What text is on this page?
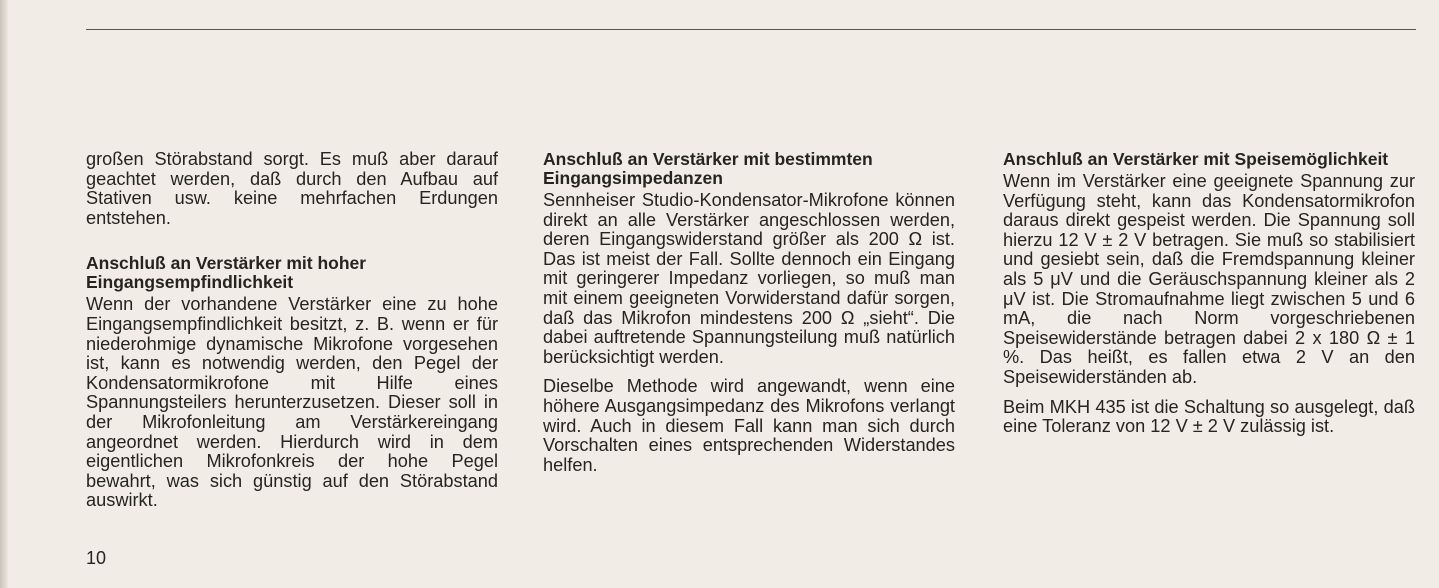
großen Störabstand sorgt. Es muß aber darauf geachtet werden, daß durch den Aufbau auf Stativen usw. keine mehrfachen Erdungen entstehen.

Anschluß an Verstärker mit hoher Eingangsempfindlichkeit

Wenn der vorhandene Verstärker eine zu hohe Eingangsempfindlichkeit besitzt, z. B. wenn er für niederohmige dynamische Mikrofone vorgesehen ist, kann es notwendig werden, den Pegel der Kondensatormikrofone mit Hilfe eines Spannungsteilers herunterzusetzen. Dieser soll in der Mikrofonleitung am Verstärkereingang angeordnet werden. Hierdurch wird in dem eigentlichen Mikrofonkreis der hohe Pegel bewahrt, was sich günstig auf den Störabstand auswirkt.

Anschluß an Verstärker mit bestimmten Eingangsimpedanzen

Sennheiser Studio-Kondensator-Mikrofone können direkt an alle Verstärker angeschlossen werden, deren Eingangswiderstand größer als 200 Ω ist. Das ist meist der Fall. Sollte dennoch ein Eingang mit geringerer Impedanz vorliegen, so muß man mit einem geeigneten Vorwiderstand dafür sorgen, daß das Mikrofon mindestens 200 Ω „sieht“. Die dabei auftretende Spannungsteilung muß natürlich berücksichtigt werden.

Dieselbe Methode wird angewandt, wenn eine höhere Ausgangsimpedanz des Mikrofons verlangt wird. Auch in diesem Fall kann man sich durch Vorschalten eines entsprechenden Widerstandes helfen.

Anschluß an Verstärker mit Speisemöglichkeit

Wenn im Verstärker eine geeignete Spannung zur Verfügung steht, kann das Kondensatormikrofon daraus direkt gespeist werden. Die Spannung soll hierzu 12 V ± 2 V betragen. Sie muß so stabilisiert und gesiebt sein, daß die Fremdspannung kleiner als 5 μV und die Geräuschspannung kleiner als 2 μV ist. Die Stromaufnahme liegt zwischen 5 und 6 mA, die nach Norm vorgeschriebenen Speisewiderstände betragen dabei 2 x 180 Ω ± 1 %. Das heißt, es fallen etwa 2 V an den Speisewiderständen ab.

Beim MKH 435 ist die Schaltung so ausgelegt, daß eine Toleranz von 12 V ± 2 V zulässig ist.

10
